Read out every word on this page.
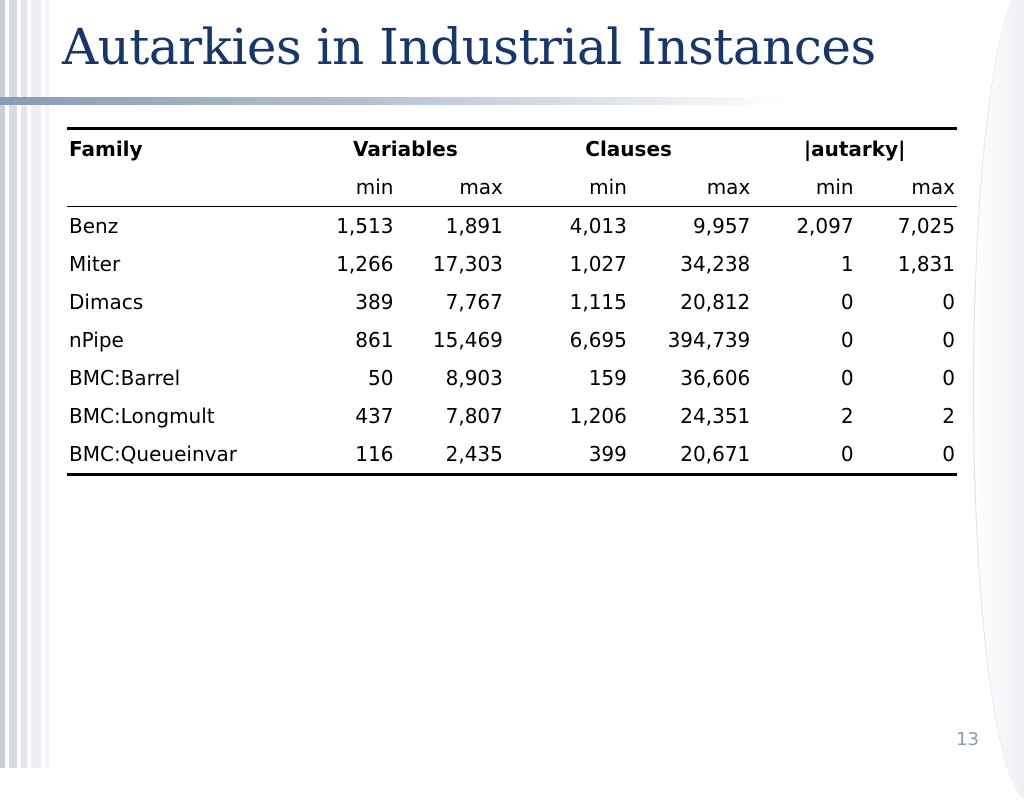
Autarkies in Industrial Instances
Family	Variables		Clauses		|autarky|	
	min	max	min	max	min	max
Benz	1,513	1,891	4,013	9,957	2,097	7,025
Miter	1,266	17,303	1,027	34,238	1	1,831
Dimacs	389	7,767	1,115	20,812	0	0
nPipe	861	15,469	6,695	394,739	0	0
BMC:Barrel	50	8,903	159	36,606	0	0
BMC:Longmult	437	7,807	1,206	24,351	2	2
BMC:Queueinvar	116	2,435	399	20,671	0	0
13
